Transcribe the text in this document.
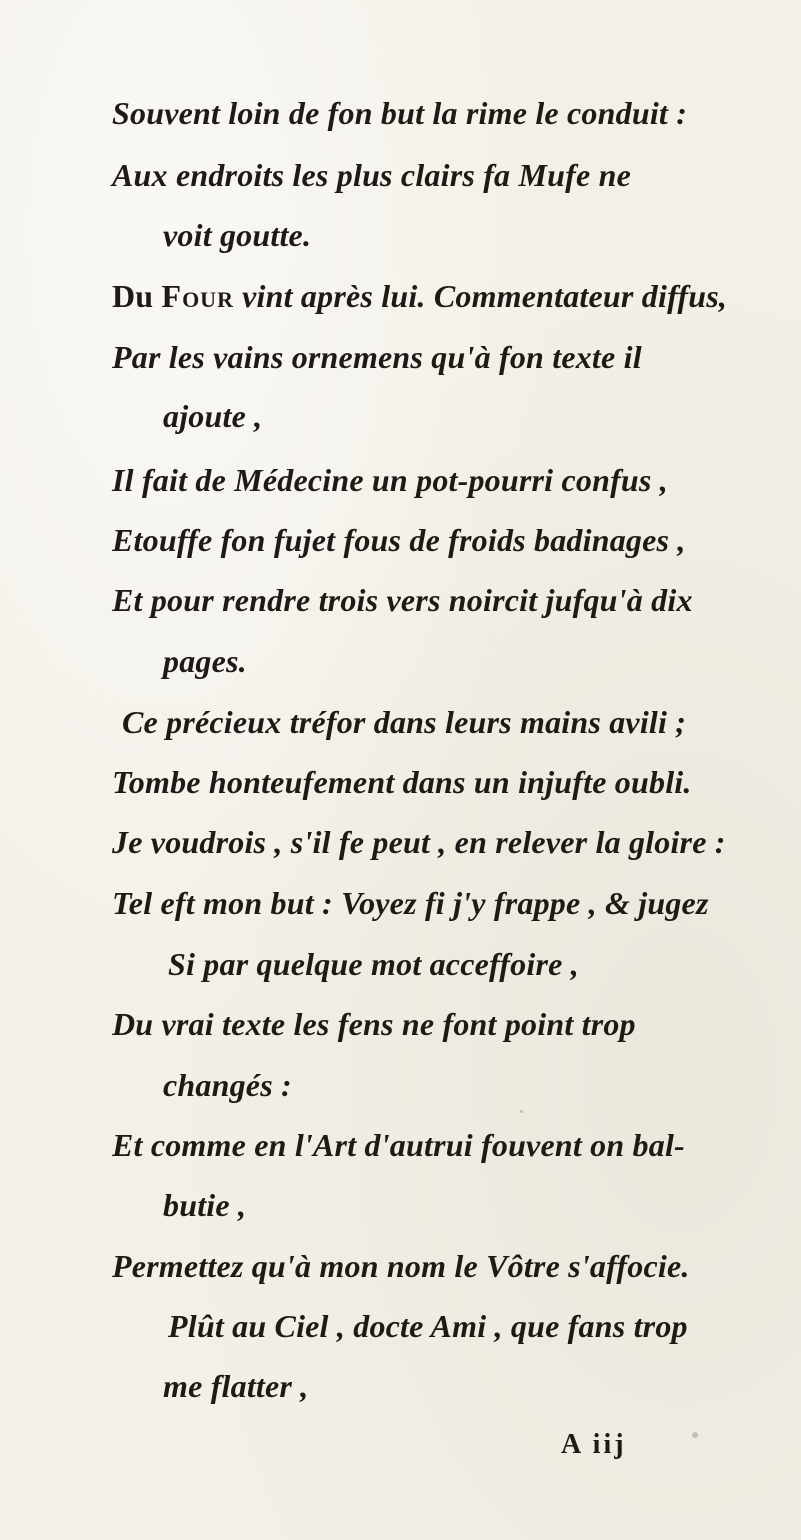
Souvent loin de fon but la rime le conduit :
Aux endroits les plus clairs fa Mufe ne
voit goutte.
Du Four vint après lui. Commentateur diffus,
Par les vains ornemens qu'à fon texte il
ajoute ,
Il fait de Médecine un pot-pourri confus ,
Etouffe fon fujet fous de froids badinages ,
Et pour rendre trois vers noircit jufqu'à dix
pages.
Ce précieux tréfor dans leurs mains avili ;
Tombe honteufement dans un injufte oubli.
Je voudrois , s'il fe peut , en relever la gloire :
Tel eft mon but : Voyez fi j'y frappe , & jugez
Si par quelque mot acceffoire ,
Du vrai texte les fens ne font point trop
changés :
Et comme en l'Art d'autrui fouvent on bal-
butie ,
Permettez qu'à mon nom le Vôtre s'affocie.
Plût au Ciel , docte Ami , que fans trop
me flatter ,
A iij
